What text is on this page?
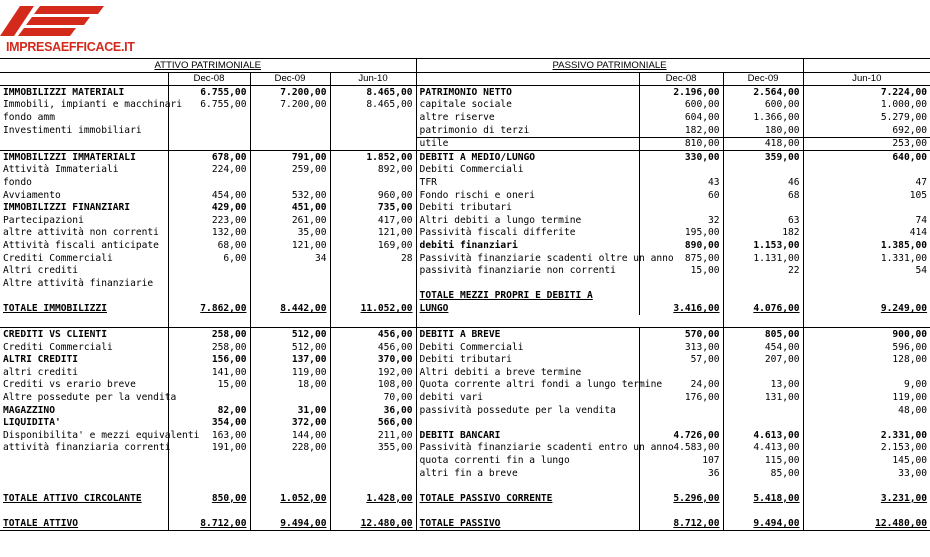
IMPRESAEFFICACE.IT
ATTIVO PATRIMONIALE				PASSIVO PATRIMONIALE			
	Dec-08	Dec-09	Jun-10		Dec-08	Dec-09	Jun-10
IMMOBILIZZI MATERIALI	6.755,00	7.200,00	8.465,00	PATRIMONIO NETTO	2.196,00	2.564,00	7.224,00
Immobili, impianti e macchinari	6.755,00	7.200,00	8.465,00	capitale sociale	600,00	600,00	1.000,00
fondo amm				altre riserve	604,00	1.366,00	5.279,00
Investimenti immobiliari				patrimonio di terzi	182,00	180,00	692,00
				utile	810,00	418,00	253,00
IMMOBILIZZI IMMATERIALI	678,00	791,00	1.852,00	DEBITI A MEDIO/LUNGO	330,00	359,00	640,00
Attività Immateriali	224,00	259,00	892,00	Debiti Commerciali			
fondo				TFR	43	46	47
Avviamento	454,00	532,00	960,00	Fondo rischi e oneri	60	68	105
IMMOBILIZZI FINANZIARI	429,00	451,00	735,00	Debiti tributari			
Partecipazioni	223,00	261,00	417,00	Altri debiti a lungo termine	32	63	74
altre attività non correnti	132,00	35,00	121,00	Passività fiscali differite	195,00	182	414
Attività fiscali anticipate	68,00	121,00	169,00	debiti finanziari	890,00	1.153,00	1.385,00
Crediti Commerciali	6,00	34	28	Passività finanziarie scadenti oltre un anno	875,00	1.131,00	1.331,00
Altri crediti				passività finanziarie non correnti	15,00	22	54
Altre attività finanziarie							
				TOTALE MEZZI PROPRI E DEBITI A			
TOTALE IMMOBILIZZI	7.862,00	8.442,00	11.052,00	LUNGO	3.416,00	4.076,00	9.249,00

CREDITI VS CLIENTI	258,00	512,00	456,00	DEBITI A BREVE	570,00	805,00	900,00
Crediti Commerciali	258,00	512,00	456,00	Debiti Commerciali	313,00	454,00	596,00
ALTRI CREDITI	156,00	137,00	370,00	Debiti tributari	57,00	207,00	128,00
altri crediti	141,00	119,00	192,00	Altri debiti a breve termine			
Crediti vs erario breve	15,00	18,00	108,00	Quota corrente altri fondi a lungo termine	24,00	13,00	9,00
Altre possedute per la vendita			70,00	debiti vari	176,00	131,00	119,00
MAGAZZINO	82,00	31,00	36,00	passività possedute per la vendita			48,00
LIQUIDITA'	354,00	372,00	566,00				
Disponibilita' e mezzi equivalenti	163,00	144,00	211,00	DEBITI BANCARI	4.726,00	4.613,00	2.331,00
attività finanziaria correnti	191,00	228,00	355,00	Passività finanziarie scadenti entro un anno	4.583,00	4.413,00	2.153,00
				quota correnti fin a lungo	107	115,00	145,00
				altri fin a breve	36	85,00	33,00

TOTALE ATTIVO CIRCOLANTE	850,00	1.052,00	1.428,00	TOTALE PASSIVO CORRENTE	5.296,00	5.418,00	3.231,00

TOTALE ATTIVO	8.712,00	9.494,00	12.480,00	TOTALE PASSIVO	8.712,00	9.494,00	12.480,00
